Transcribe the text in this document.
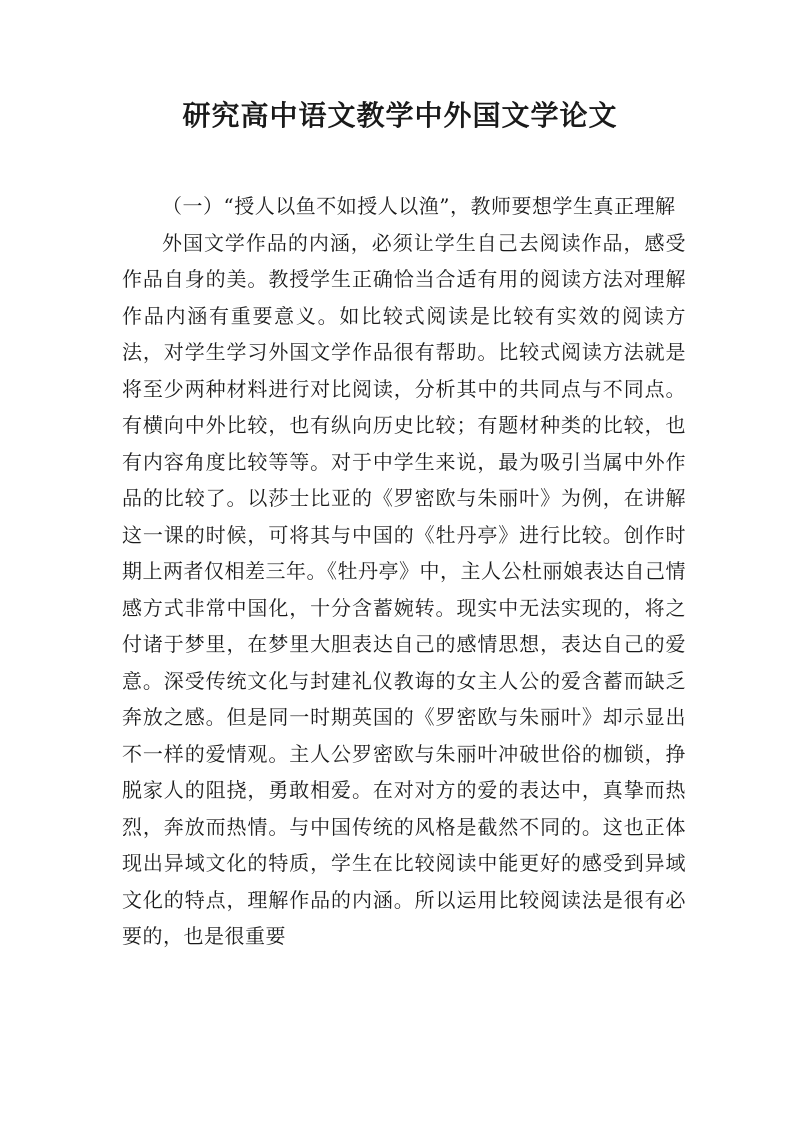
研究高中语文教学中外国文学论文

（一）“授人以鱼不如授人以渔”，教师要想学生真正理解

外国文学作品的内涵，必须让学生自己去阅读作品，感受作品自身的美。教授学生正确恰当合适有用的阅读方法对理解作品内涵有重要意义。如比较式阅读是比较有实效的阅读方法，对学生学习外国文学作品很有帮助。比较式阅读方法就是将至少两种材料进行对比阅读，分析其中的共同点与不同点。有横向中外比较，也有纵向历史比较；有题材种类的比较，也有内容角度比较等等。对于中学生来说，最为吸引当属中外作品的比较了。以莎士比亚的《罗密欧与朱丽叶》为例，在讲解这一课的时候，可将其与中国的《牡丹亭》进行比较。创作时期上两者仅相差三年。《牡丹亭》中，主人公杜丽娘表达自己情感方式非常中国化，十分含蓄婉转。现实中无法实现的，将之付诸于梦里，在梦里大胆表达自己的感情思想，表达自己的爱意。深受传统文化与封建礼仪教诲的女主人公的爱含蓄而缺乏奔放之感。但是同一时期英国的《罗密欧与朱丽叶》却示显出不一样的爱情观。主人公罗密欧与朱丽叶冲破世俗的枷锁，挣脱家人的阻挠，勇敢相爱。在对对方的爱的表达中，真挚而热烈，奔放而热情。与中国传统的风格是截然不同的。这也正体现出异域文化的特质，学生在比较阅读中能更好的感受到异域文化的特点，理解作品的内涵。所以运用比较阅读法是很有必要的，也是很重要
